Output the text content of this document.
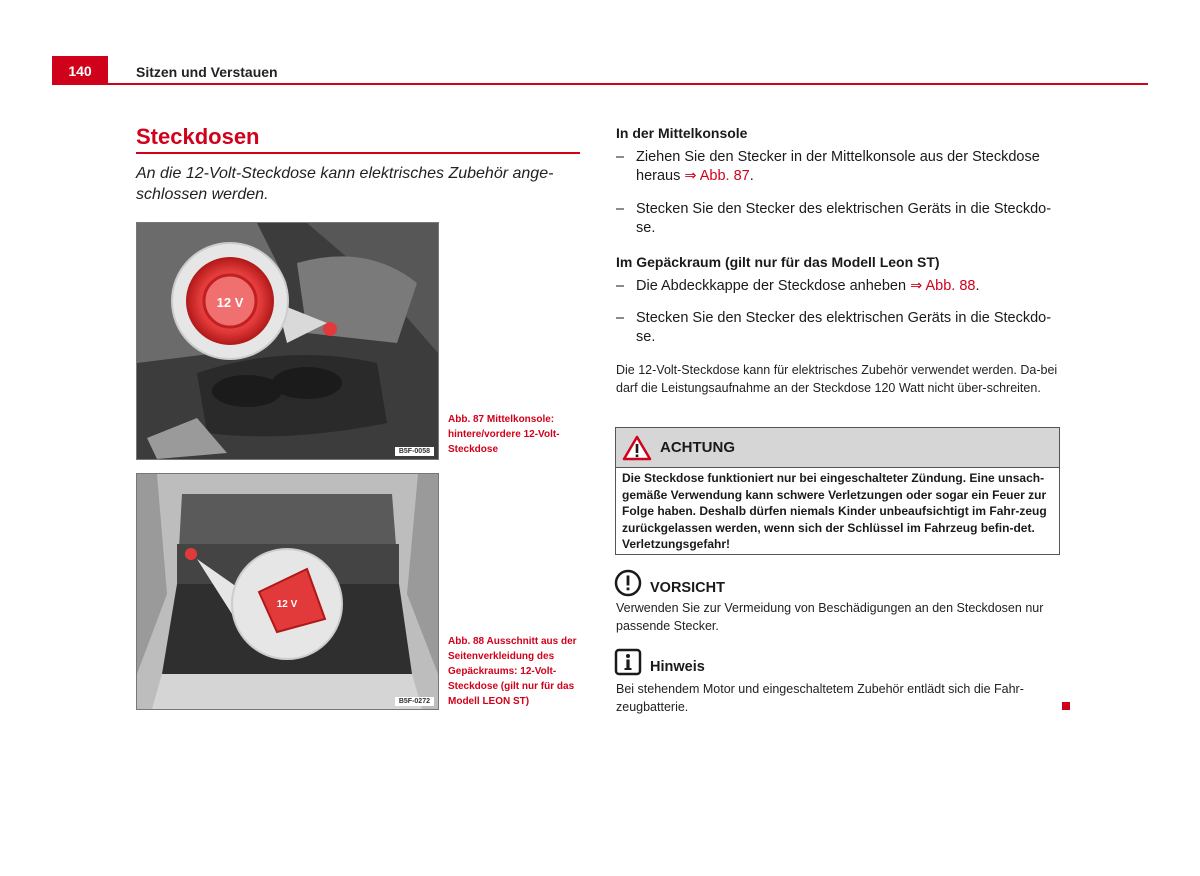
140	Sitzen und Verstauen
Steckdosen
An die 12-Volt-Steckdose kann elektrisches Zubehör ange-schlossen werden.
12 V
B5F-0058
Abb. 87 Mittelkonsole: hintere/vordere 12-Volt-Steckdose
12 V
B5F-0272
Abb. 88 Ausschnitt aus der Seitenverkleidung des Gepäckraums: 12-Volt-Steckdose (gilt nur für das Modell LEON ST)
In der Mittelkonsole
– Ziehen Sie den Stecker in der Mittelkonsole aus der Steckdose heraus ⇒ Abb. 87.
– Stecken Sie den Stecker des elektrischen Geräts in die Steckdo-se.
Im Gepäckraum (gilt nur für das Modell Leon ST)
– Die Abdeckkappe der Steckdose anheben ⇒ Abb. 88.
– Stecken Sie den Stecker des elektrischen Geräts in die Steckdo-se.
Die 12-Volt-Steckdose kann für elektrisches Zubehör verwendet werden. Da-bei darf die Leistungsaufnahme an der Steckdose 120 Watt nicht über-schreiten.
ACHTUNG
Die Steckdose funktioniert nur bei eingeschalteter Zündung. Eine unsach-gemäße Verwendung kann schwere Verletzungen oder sogar ein Feuer zur Folge haben. Deshalb dürfen niemals Kinder unbeaufsichtigt im Fahr-zeug zurückgelassen werden, wenn sich der Schlüssel im Fahrzeug befin-det. Verletzungsgefahr!
VORSICHT
Verwenden Sie zur Vermeidung von Beschädigungen an den Steckdosen nur passende Stecker.
Hinweis
Bei stehendem Motor und eingeschaltetem Zubehör entlädt sich die Fahr-zeugbatterie.
